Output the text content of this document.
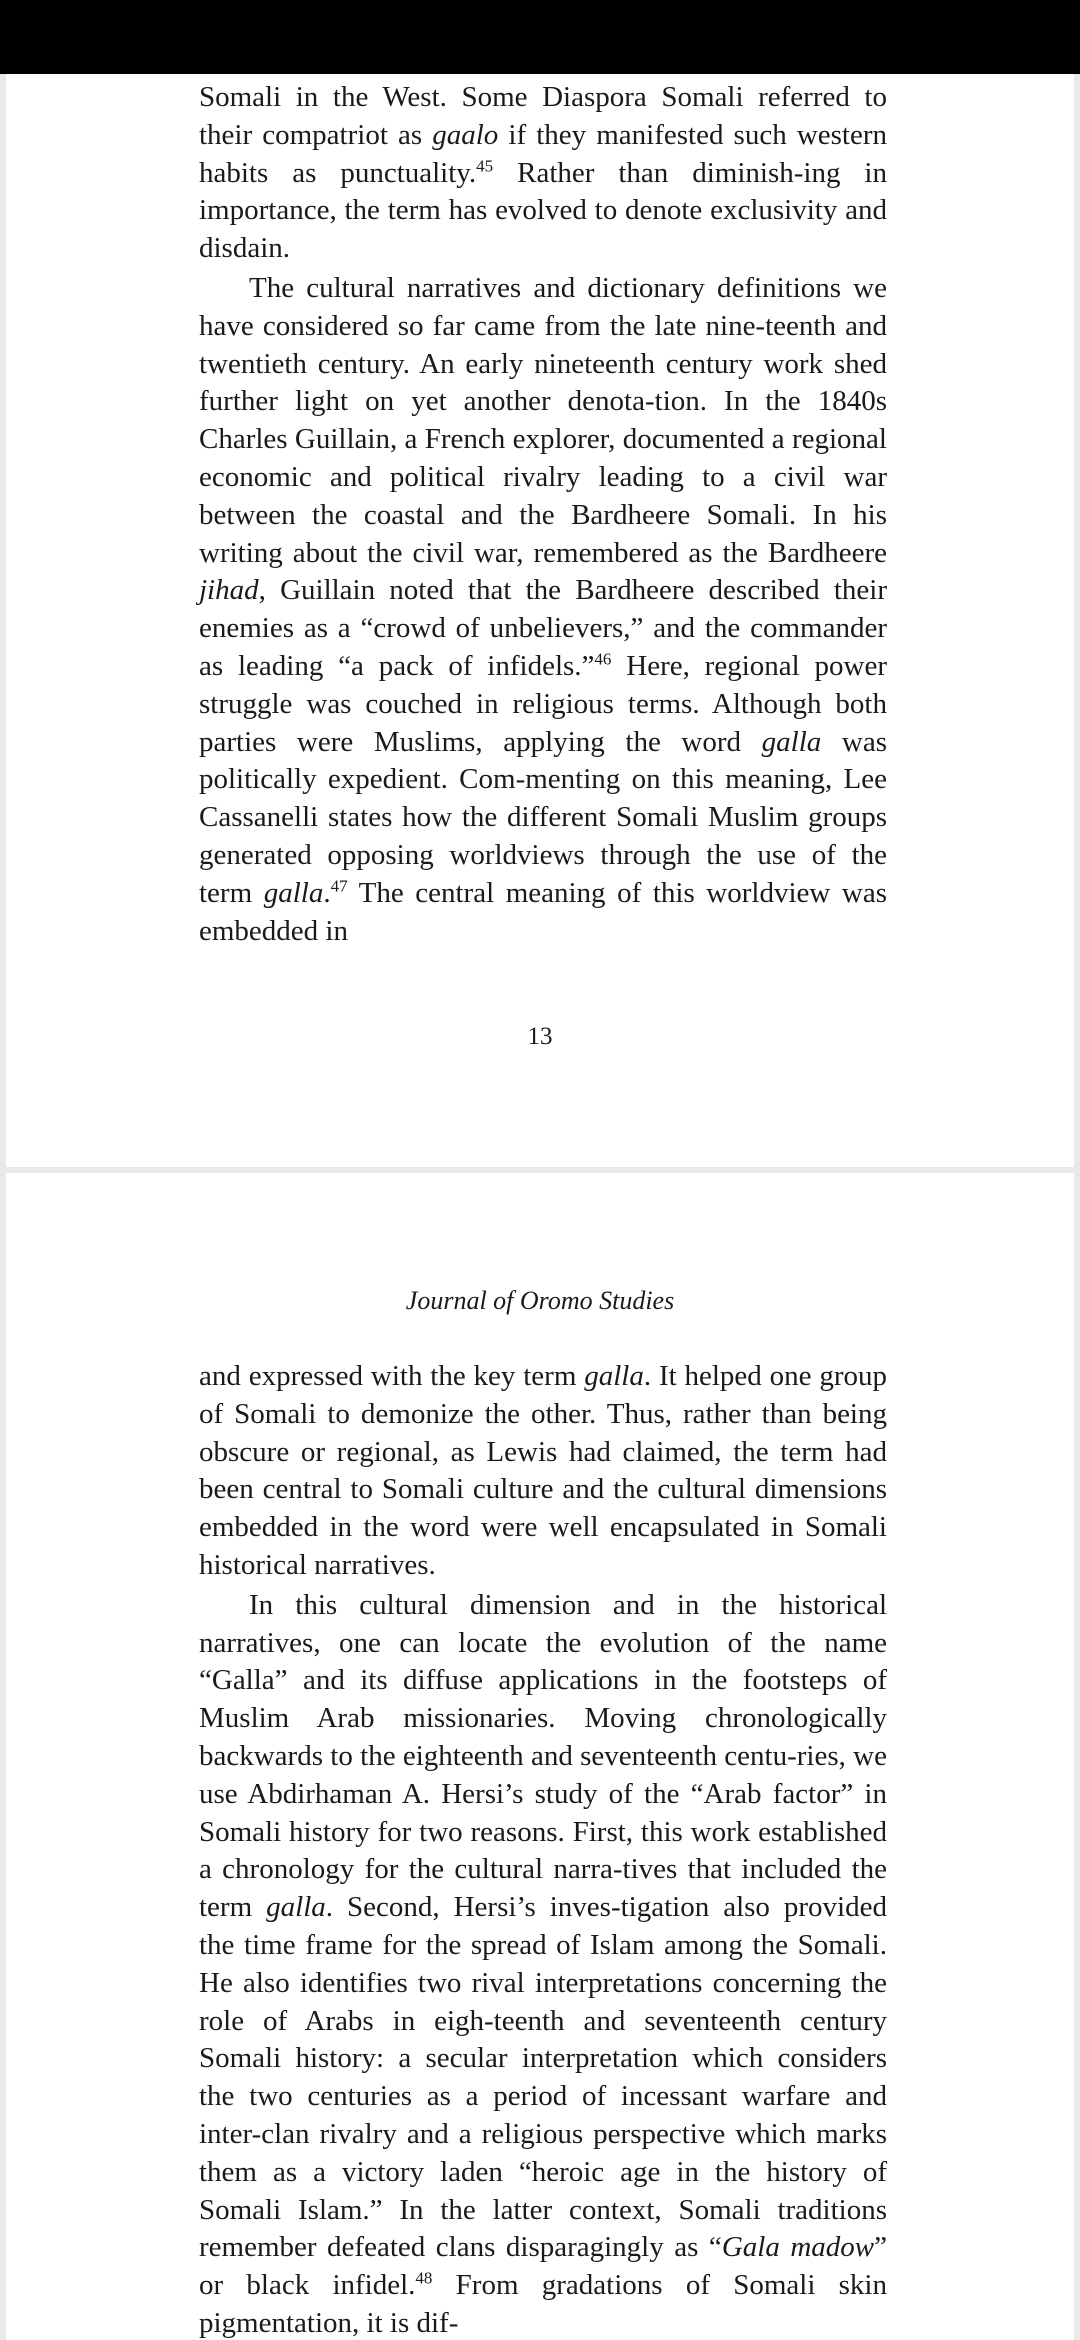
Somali in the West. Some Diaspora Somali referred to their compatriot as gaalo if they manifested such western habits as punctuality.$^{45}$ Rather than diminish-ing in importance, the term has evolved to denote exclusivity and disdain.

The cultural narratives and dictionary definitions we have considered so far came from the late nine-teenth and twentieth century. An early nineteenth century work shed further light on yet another denota-tion. In the 1840s Charles Guillain, a French explorer, documented a regional economic and political rivalry leading to a civil war between the coastal and the Bardheere Somali. In his writing about the civil war, remembered as the Bardheere jihad, Guillain noted that the Bardheere described their enemies as a “crowd of unbelievers,” and the commander as leading “a pack of infidels.”$^{46}$ Here, regional power struggle was couched in religious terms. Although both parties were Muslims, applying the word galla was politically expedient. Com-menting on this meaning, Lee Cassanelli states how the different Somali Muslim groups generated opposing worldviews through the use of the term galla.$^{47}$ The central meaning of this worldview was embedded in

13
Journal of Oromo Studies

and expressed with the key term galla. It helped one group of Somali to demonize the other. Thus, rather than being obscure or regional, as Lewis had claimed, the term had been central to Somali culture and the cultural dimensions embedded in the word were well encapsulated in Somali historical narratives.

In this cultural dimension and in the historical narratives, one can locate the evolution of the name “Galla” and its diffuse applications in the footsteps of Muslim Arab missionaries. Moving chronologically backwards to the eighteenth and seventeenth centu-ries, we use Abdirhaman A. Hersi’s study of the “Arab factor” in Somali history for two reasons. First, this work established a chronology for the cultural narra-tives that included the term galla. Second, Hersi’s inves-tigation also provided the time frame for the spread of Islam among the Somali. He also identifies two rival interpretations concerning the role of Arabs in eigh-teenth and seventeenth century Somali history: a secular interpretation which considers the two centuries as a period of incessant warfare and inter-clan rivalry and a religious perspective which marks them as a victory laden “heroic age in the history of Somali Islam.” In the latter context, Somali traditions remember defeated clans disparagingly as “Gala madow” or black infidel.$^{48}$ From gradations of Somali skin pigmentation, it is dif-
